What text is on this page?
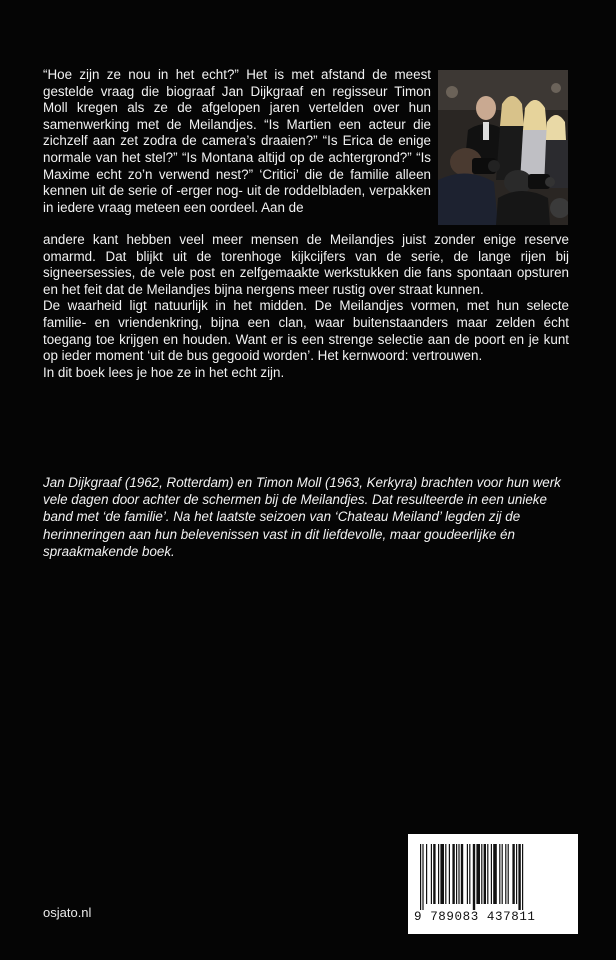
“Hoe zijn ze nou in het echt?” Het is met afstand de meest gestelde vraag die biograaf Jan Dijkgraaf en regisseur Timon Moll kregen als ze de afgelopen jaren vertelden over hun samenwerking met de Meilandjes. “Is Martien een acteur die zichzelf aan zet zodra de camera’s draaien?” “Is Erica de enige normale van het stel?” “Is Montana altijd op de achtergrond?” “Is Maxime echt zo’n verwend nest?” ‘Critici’ die de familie alleen kennen uit de serie of -erger nog- uit de roddelbladen, verpakken in iedere vraag meteen een oordeel. Aan de

andere kant hebben veel meer mensen de Meilandjes juist zonder enige reserve omarmd. Dat blijkt uit de torenhoge kijkcijfers van de serie, de lange rijen bij signeersessies, de vele post en zelfgemaakte werkstukken die fans spontaan opsturen en het feit dat de Meilandjes bijna nergens meer rustig over straat kunnen.

De waarheid ligt natuurlijk in het midden. De Meilandjes vormen, met hun selecte familie- en vriendenkring, bijna een clan, waar buitenstaanders maar zelden écht toegang toe krijgen en houden. Want er is een strenge selectie aan de poort en je kunt op ieder moment ‘uit de bus gegooid worden’. Het kernwoord: vertrouwen.

In dit boek lees je hoe ze in het echt zijn.

Jan Dijkgraaf (1962, Rotterdam) en Timon Moll (1963, Kerkyra) brachten voor hun werk vele dagen door achter de schermen bij de Meilandjes. Dat resulteerde in een unieke band met ‘de familie’. Na het laatste seizoen van ‘Chateau Meiland’ legden zij de herinneringen aan hun belevenissen vast in dit liefdevolle, maar goudeerlijke én spraakmakende boek.

osjato.nl	9 789083 437811
